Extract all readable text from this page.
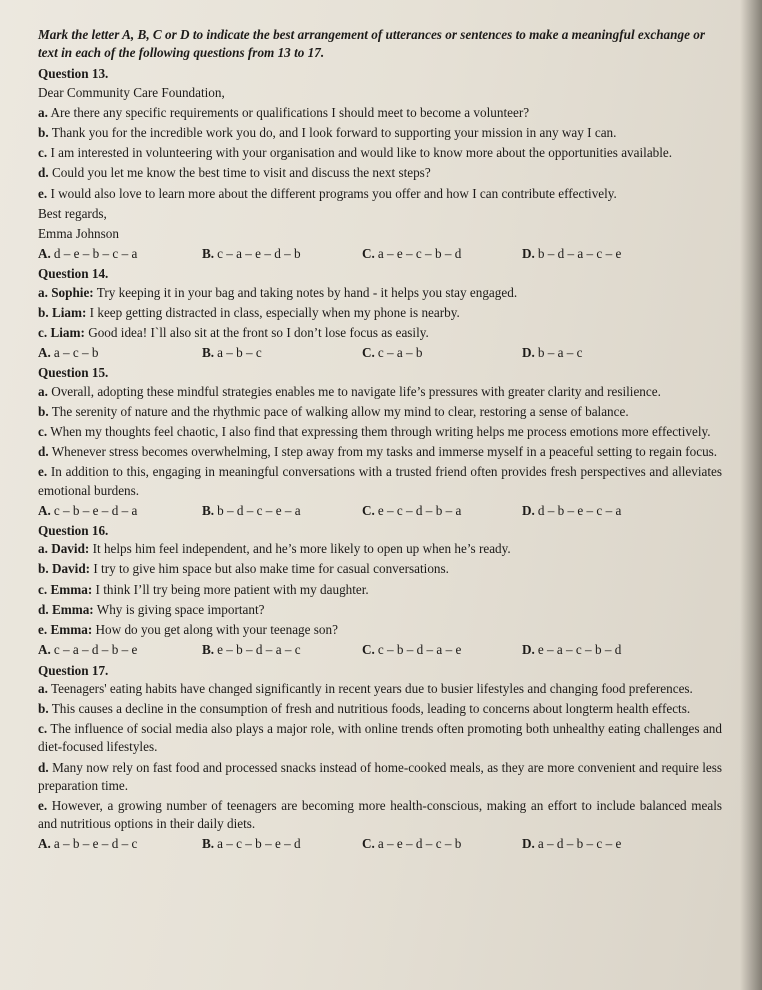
Mark the letter A, B, C or D to indicate the best arrangement of utterances or sentences to make a meaningful exchange or text in each of the following questions from 13 to 17.
Question 13.
Dear Community Care Foundation,
a. Are there any specific requirements or qualifications I should meet to become a volunteer?
b. Thank you for the incredible work you do, and I look forward to supporting your mission in any way I can.
c. I am interested in volunteering with your organisation and would like to know more about the opportunities available.
d. Could you let me know the best time to visit and discuss the next steps?
e. I would also love to learn more about the different programs you offer and how I can contribute effectively.
Best regards,
Emma Johnson
A. d – e – b – c – a	B. c – a – e – d – b	C. a – e – c – b – d	D. b – d – a – c – e
Question 14.
a. Sophie: Try keeping it in your bag and taking notes by hand - it helps you stay engaged.
b. Liam: I keep getting distracted in class, especially when my phone is nearby.
c. Liam: Good idea! I`ll also sit at the front so I don’t lose focus as easily.
A. a – c – b	B. a – b – c	C. c – a – b	D. b – a – c
Question 15.
a. Overall, adopting these mindful strategies enables me to navigate life’s pressures with greater clarity and resilience.
b. The serenity of nature and the rhythmic pace of walking allow my mind to clear, restoring a sense of balance.
c. When my thoughts feel chaotic, I also find that expressing them through writing helps me process emotions more effectively.
d. Whenever stress becomes overwhelming, I step away from my tasks and immerse myself in a peaceful setting to regain focus.
e. In addition to this, engaging in meaningful conversations with a trusted friend often provides fresh perspectives and alleviates emotional burdens.
A. c – b – e – d – a	B. b – d – c – e – a	C. e – c – d – b – a	D. d – b – e – c – a
Question 16.
a. David: It helps him feel independent, and he’s more likely to open up when he’s ready.
b. David: I try to give him space but also make time for casual conversations.
c. Emma: I think I’ll try being more patient with my daughter.
d. Emma: Why is giving space important?
e. Emma: How do you get along with your teenage son?
A. c – a – d – b – e	B. e – b – d – a – c	C. c – b – d – a – e	D. e – a – c – b – d
Question 17.
a. Teenagers' eating habits have changed significantly in recent years due to busier lifestyles and changing food preferences.
b. This causes a decline in the consumption of fresh and nutritious foods, leading to concerns about longterm health effects.
c. The influence of social media also plays a major role, with online trends often promoting both unhealthy eating challenges and diet-focused lifestyles.
d. Many now rely on fast food and processed snacks instead of home-cooked meals, as they are more convenient and require less preparation time.
e. However, a growing number of teenagers are becoming more health-conscious, making an effort to include balanced meals and nutritious options in their daily diets.
A. a – b – e – d – c	B. a – c – b – e – d	C. a – e – d – c – b	D. a – d – b – c – e
